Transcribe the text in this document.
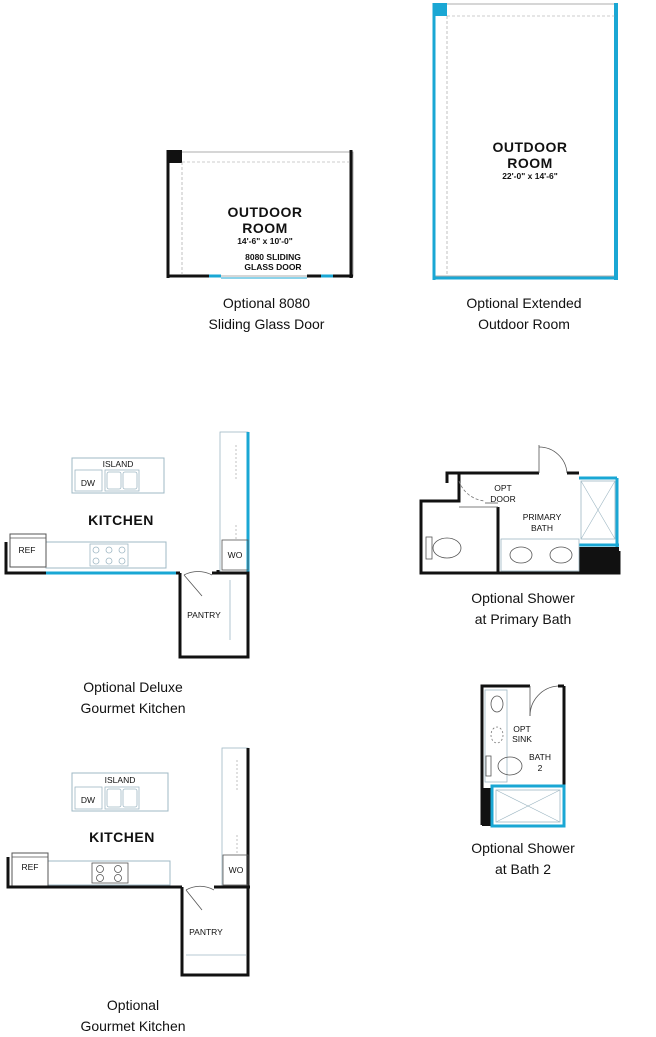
OUTDOOR
ROOM
14'-6" x 10'-0"
8080 SLIDING
GLASS DOOR
Optional 8080
Sliding Glass Door
OUTDOOR
ROOM
22'-0" x 14'-6"
Optional Extended
Outdoor Room
ISLAND
DW
KITCHEN
REF	WO
PANTRY
Optional Deluxe
Gourmet Kitchen
OPT
DOOR
PRIMARY
BATH
Optional Shower
at Primary Bath
OPT
SINK
BATH
2
Optional Shower
at Bath 2
ISLAND
DW
KITCHEN
REF	WO
PANTRY
Optional
Gourmet Kitchen
